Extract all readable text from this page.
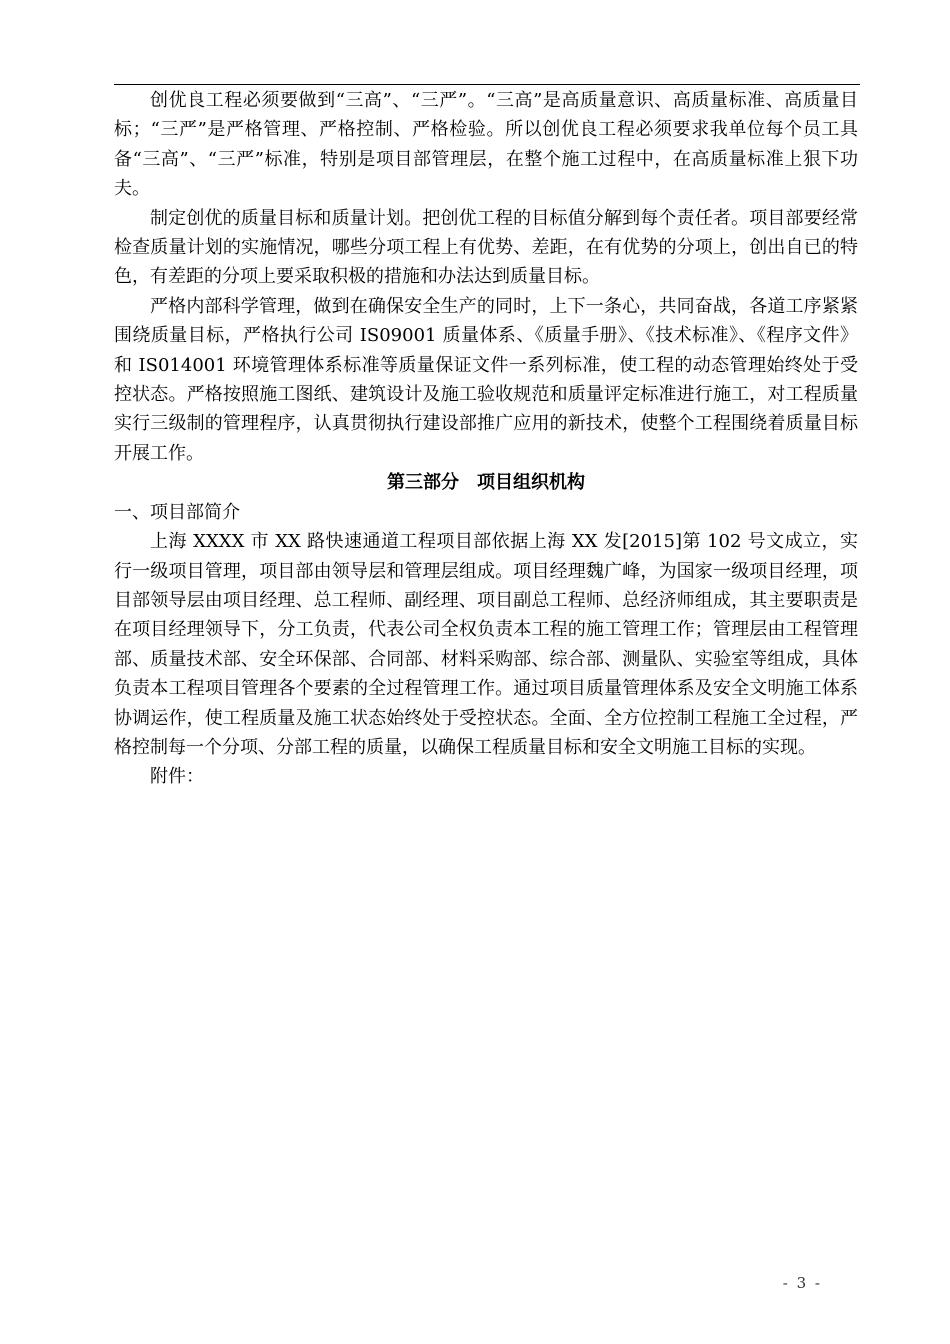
创优良工程必须要做到“三高”、“三严”。“三高”是高质量意识、高质量标准、高质量目标；“三严”是严格管理、严格控制、严格检验。所以创优良工程必须要求我单位每个员工具备“三高”、“三严”标准，特别是项目部管理层，在整个施工过程中，在高质量标准上狠下功夫。

制定创优的质量目标和质量计划。把创优工程的目标值分解到每个责任者。项目部要经常检查质量计划的实施情况，哪些分项工程上有优势、差距，在有优势的分项上，创出自已的特色，有差距的分项上要采取积极的措施和办法达到质量目标。

严格内部科学管理，做到在确保安全生产的同时，上下一条心，共同奋战，各道工序紧紧围绕质量目标，严格执行公司 IS09001 质量体系、《质量手册》、《技术标准》、《程序文件》和 IS014001 环境管理体系标准等质量保证文件一系列标准，使工程的动态管理始终处于受控状态。严格按照施工图纸、建筑设计及施工验收规范和质量评定标准进行施工，对工程质量实行三级制的管理程序，认真贯彻执行建设部推广应用的新技术，使整个工程围绕着质量目标开展工作。

第三部分　项目组织机构

一、项目部简介

上海 XXXX 市 XX 路快速通道工程项目部依据上海 XX 发[2015]第 102 号文成立，实行一级项目管理，项目部由领导层和管理层组成。项目经理魏广峰，为国家一级项目经理，项目部领导层由项目经理、总工程师、副经理、项目副总工程师、总经济师组成，其主要职责是在项目经理领导下，分工负责，代表公司全权负责本工程的施工管理工作；管理层由工程管理部、质量技术部、安全环保部、合同部、材料采购部、综合部、测量队、实验室等组成，具体负责本工程项目管理各个要素的全过程管理工作。通过项目质量管理体系及安全文明施工体系协调运作，使工程质量及施工状态始终处于受控状态。全面、全方位控制工程施工全过程，严格控制每一个分项、分部工程的质量，以确保工程质量目标和安全文明施工目标的实现。

附件：

- 3 -
